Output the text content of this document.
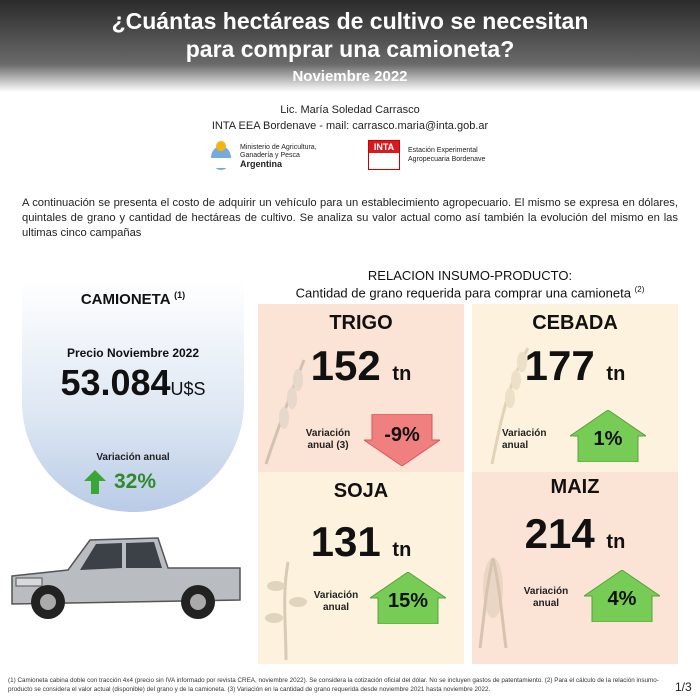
¿Cuántas hectáreas de cultivo se necesitan
para comprar una camioneta?
Noviembre 2022
Lic. María Soledad Carrasco
INTA EEA Bordenave - mail: carrasco.maria@inta.gob.ar
Ministerio de Agricultura,
Ganadería y Pesca
Argentina
INTA	Estación Experimental
Agropecuaria Bordenave
A continuación se presenta el costo de adquirir un vehículo para un establecimiento agropecuario. El mismo se expresa en dólares, quintales de grano y cantidad de hectáreas de cultivo. Se analiza su valor actual como así también la evolución del mismo en las ultimas cinco campañas
RELACION INSUMO-PRODUCTO:
Cantidad de grano requerida para comprar una camioneta $^{(2)}$
CAMIONETA $^{(1)}$
Precio Noviembre 2022
53.084U$S
Variación anual
32%
TRIGO
152 tn
Variación
anual (3)	-9%
CEBADA
177 tn
Variación
anual	1%
SOJA
131 tn
Variación
anual	15%
MAIZ
214 tn
Variación
anual	4%
(1) Camioneta cabina doble con tracción 4x4 (precio sin IVA informado por revista CREA, noviembre 2022). Se considera la cotización oficial del dólar. No se incluyen gastos de patentamiento. (2) Para el cálculo de la relación insumo-producto se considera el valor actual (disponible) del grano y de la camioneta. (3) Variación en la cantidad de grano requerida desde noviembre 2021 hasta noviembre 2022.	1/3
